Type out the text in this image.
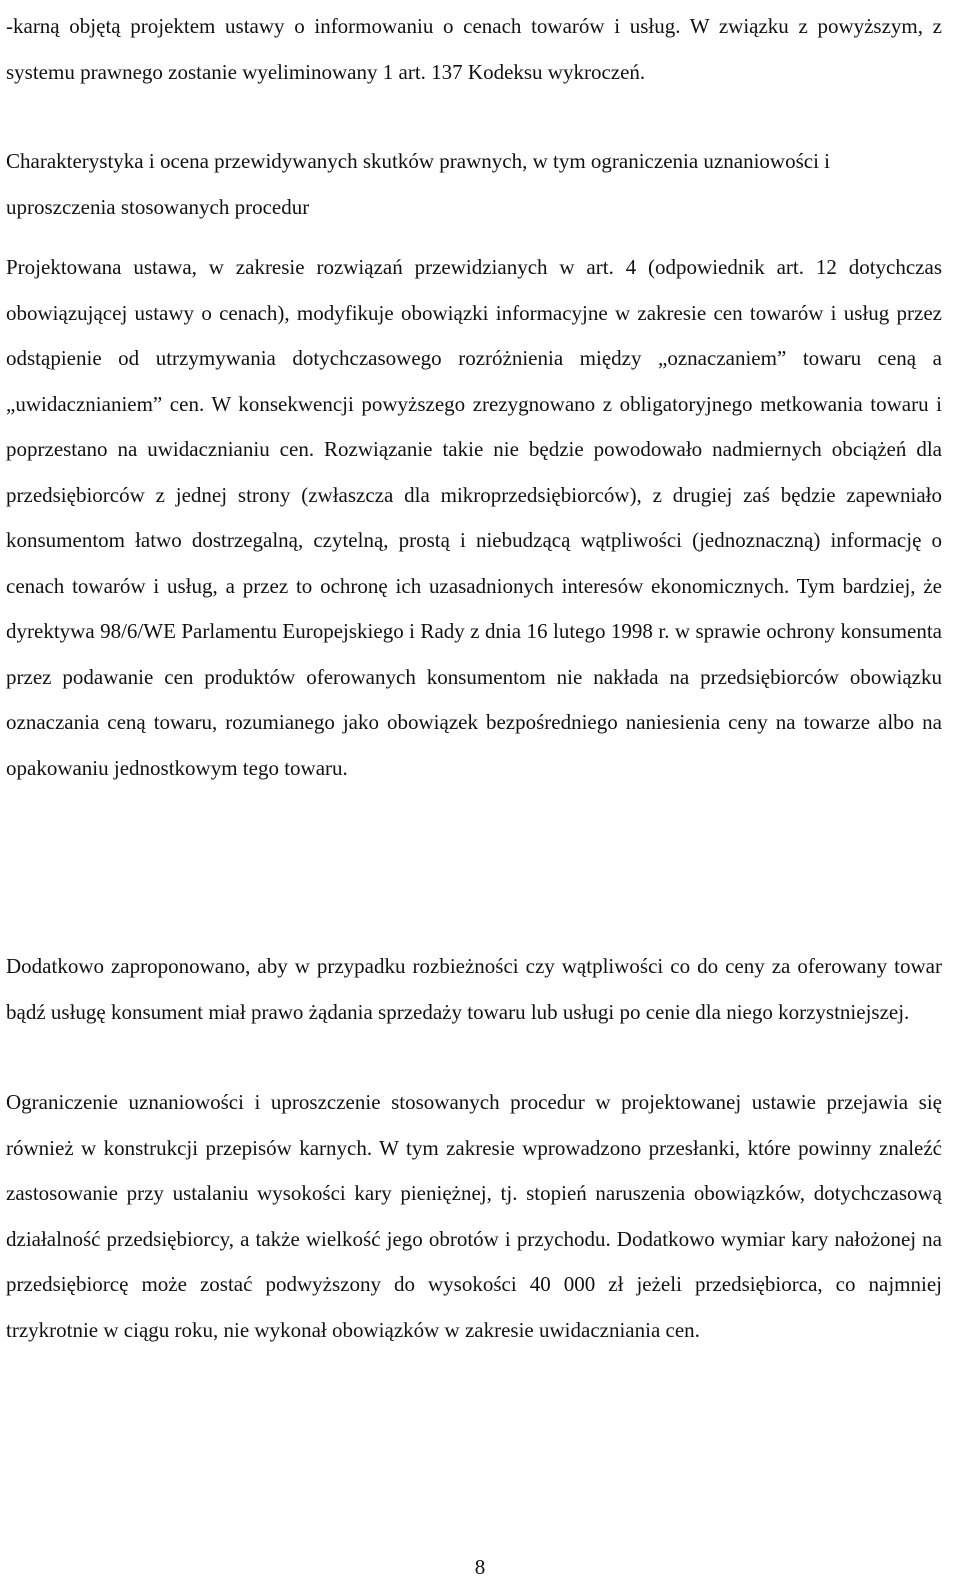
-karną objętą projektem ustawy o informowaniu o cenach towarów i usług. W związku z powyższym, z systemu prawnego zostanie wyeliminowany 1 art. 137 Kodeksu wykroczeń.

Charakterystyka i ocena przewidywanych skutków prawnych, w tym ograniczenia uznaniowości i uproszczenia stosowanych procedur

Projektowana ustawa, w zakresie rozwiązań przewidzianych w art. 4 (odpowiednik art. 12 dotychczas obowiązującej ustawy o cenach), modyfikuje obowiązki informacyjne w zakresie cen towarów i usług przez odstąpienie od utrzymywania dotychczasowego rozróżnienia między „oznaczaniem” towaru ceną a „uwidacznianiem” cen. W konsekwencji powyższego zrezygnowano z obligatoryjnego metkowania towaru i poprzestano na uwidacznianiu cen. Rozwiązanie takie nie będzie powodowało nadmiernych obciążeń dla przedsiębiorców z jednej strony (zwłaszcza dla mikroprzedsiębiorców), z drugiej zaś będzie zapewniało konsumentom łatwo dostrzegalną, czytelną, prostą i niebudzącą wątpliwości (jednoznaczną) informację o cenach towarów i usług, a przez to ochronę ich uzasadnionych interesów ekonomicznych. Tym bardziej, że dyrektywa 98/6/WE Parlamentu Europejskiego i Rady z dnia 16 lutego 1998 r. w sprawie ochrony konsumenta przez podawanie cen produktów oferowanych konsumentom nie nakłada na przedsiębiorców obowiązku oznaczania ceną towaru, rozumianego jako obowiązek bezpośredniego naniesienia ceny na towarze albo na opakowaniu jednostkowym tego towaru.

Dodatkowo zaproponowano, aby w przypadku rozbieżności czy wątpliwości co do ceny za oferowany towar bądź usługę konsument miał prawo żądania sprzedaży towaru lub usługi po cenie dla niego korzystniejszej.

Ograniczenie uznaniowości i uproszczenie stosowanych procedur w projektowanej ustawie przejawia się również w konstrukcji przepisów karnych. W tym zakresie wprowadzono przesłanki, które powinny znaleźć zastosowanie przy ustalaniu wysokości kary pieniężnej, tj. stopień naruszenia obowiązków, dotychczasową działalność przedsiębiorcy, a także wielkość jego obrotów i przychodu. Dodatkowo wymiar kary nałożonej na przedsiębiorcę może zostać podwyższony do wysokości 40 000 zł jeżeli przedsiębiorca, co najmniej trzykrotnie w ciągu roku, nie wykonał obowiązków w zakresie uwidaczniania cen.

8
